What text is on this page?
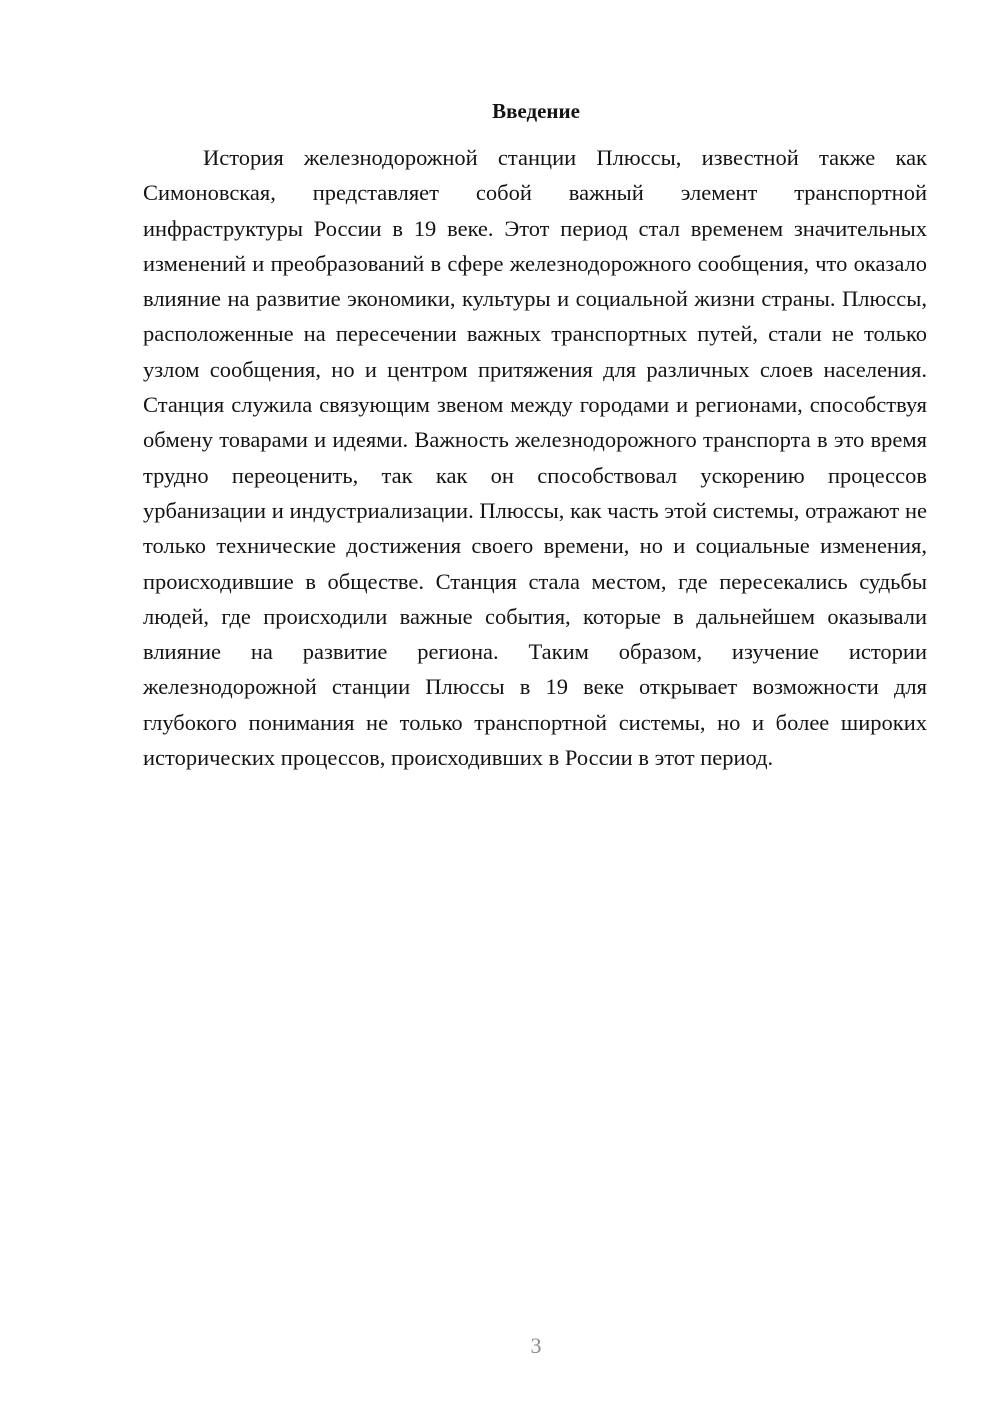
Введение

История железнодорожной станции Плюссы, известной также как Симоновская, представляет собой важный элемент транспортной инфраструктуры России в 19 веке. Этот период стал временем значительных изменений и преобразований в сфере железнодорожного сообщения, что оказало влияние на развитие экономики, культуры и социальной жизни страны. Плюссы, расположенные на пересечении важных транспортных путей, стали не только узлом сообщения, но и центром притяжения для различных слоев населения. Станция служила связующим звеном между городами и регионами, способствуя обмену товарами и идеями. Важность железнодорожного транспорта в это время трудно переоценить, так как он способствовал ускорению процессов урбанизации и индустриализации. Плюссы, как часть этой системы, отражают не только технические достижения своего времени, но и социальные изменения, происходившие в обществе. Станция стала местом, где пересекались судьбы людей, где происходили важные события, которые в дальнейшем оказывали влияние на развитие региона. Таким образом, изучение истории железнодорожной станции Плюссы в 19 веке открывает возможности для глубокого понимания не только транспортной системы, но и более широких исторических процессов, происходивших в России в этот период.

3
